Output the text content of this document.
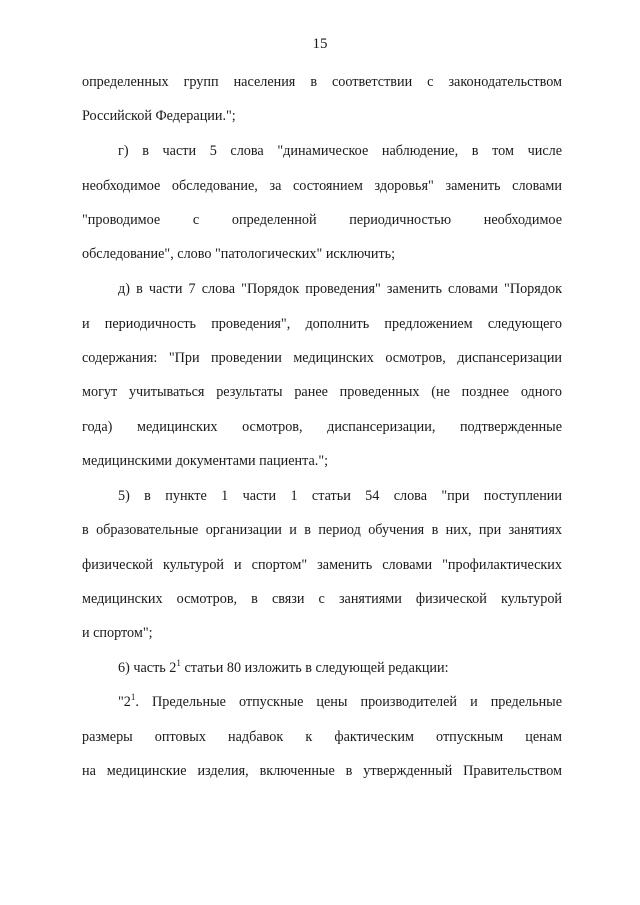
15
определенных групп населения в соответствии с законодательством
Российской Федерации.";
г) в части 5 слова "динамическое наблюдение, в том числе
необходимое обследование, за состоянием здоровья" заменить словами
"проводимое с определенной периодичностью необходимое
обследование", слово "патологических" исключить;
д) в части 7 слова "Порядок проведения" заменить словами "Порядок
и периодичность проведения", дополнить предложением следующего
содержания: "При проведении медицинских осмотров, диспансеризации
могут учитываться результаты ранее проведенных (не позднее одного
года) медицинских осмотров, диспансеризации, подтвержденные
медицинскими документами пациента.";
5) в пункте 1 части 1 статьи 54 слова "при поступлении
в образовательные организации и в период обучения в них, при занятиях
физической культурой и спортом" заменить словами "профилактических
медицинских осмотров, в связи с занятиями физической культурой
и спортом";
6) часть $2^1$ статьи 80 изложить в следующей редакции:
"$2^1$. Предельные отпускные цены производителей и предельные
размеры оптовых надбавок к фактическим отпускным ценам
на медицинские изделия, включенные в утвержденный Правительством
